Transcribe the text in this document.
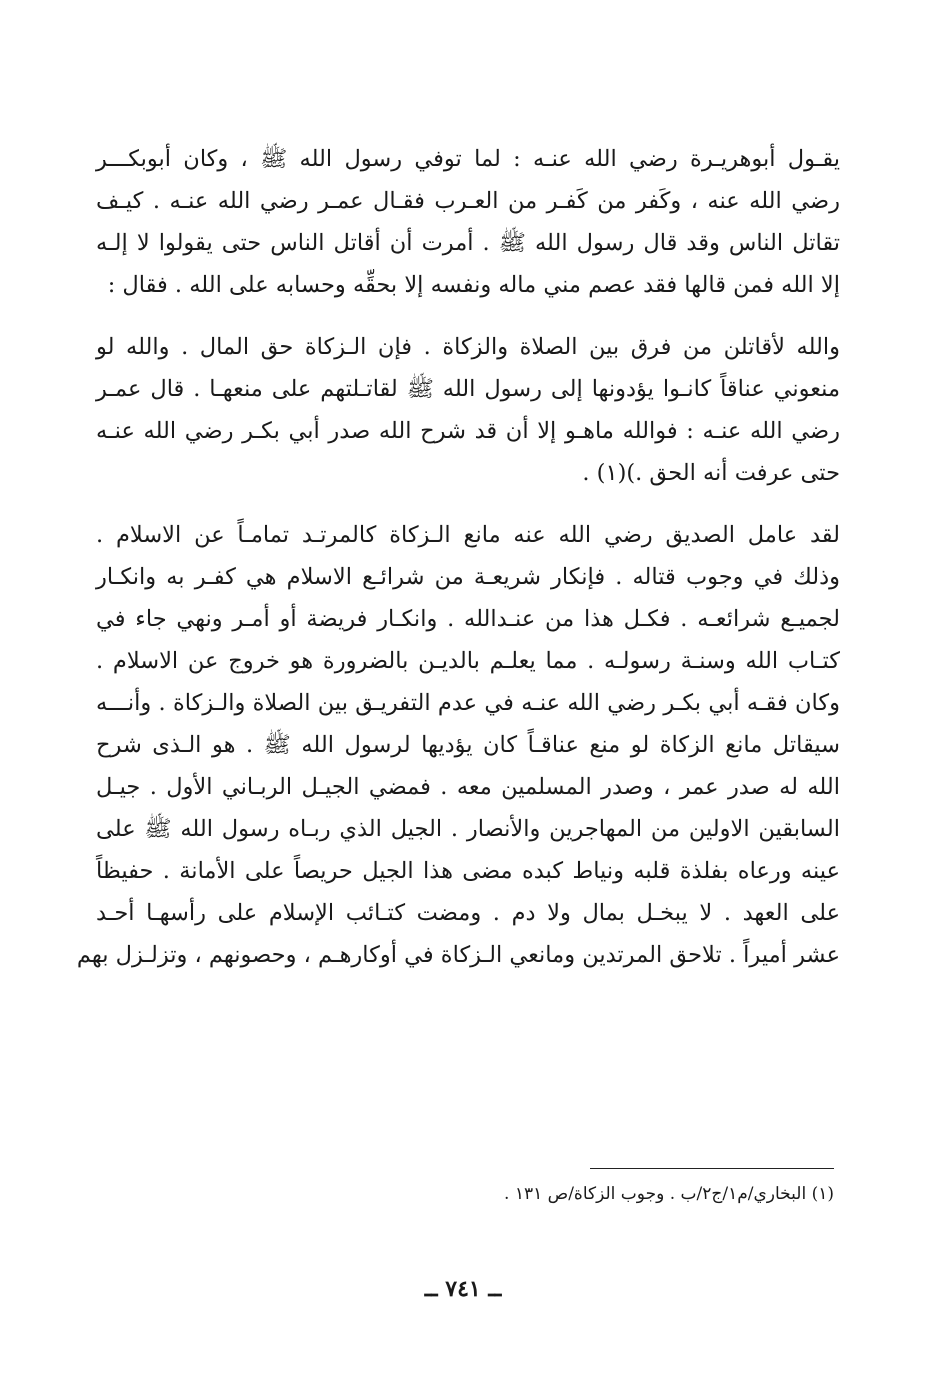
يقـول أبوهريـرة رضي الله عنـه : لما توفي رسول الله ﷺ ، وكان أبوبكـــر
رضي الله عنه ، وكَفر من كَفـر من العـرب فقـال عمـر رضي الله عنـه . كيـف
تقاتل الناس وقد قال رسول الله ﷺ . أمرت أن أقاتل الناس حتى يقولوا لا إلـه
إلا الله فمن قالها فقد عصم مني ماله ونفسه إلا بحقِّه وحسابه على الله . فقال :

والله لأقاتلن من فرق بين الصلاة والزكاة . فإن الـزكاة حق المال . والله لو
منعوني عناقاً كانـوا يؤدونها إلى رسول الله ﷺ لقاتـلتهم على منعهـا . قال عمـر
رضي الله عنـه : فوالله ماهـو إلا أن قد شرح الله صدر أبي بكـر رضي الله عنـه
حتى عرفت أنه الحق .)(١) .

لقد عامل الصديق رضي الله عنه مانع الـزكاة كالمرتـد تمامـاً عن الاسلام .
وذلك في وجوب قتاله . فإنكار شريعـة من شرائـع الاسلام هي كفـر به وانكـار
لجميـع شرائعـه . فكـل هذا من عنـدالله . وانكـار فريضة أو أمـر ونهي جاء في
كتـاب الله وسنـة رسولـه . مما يعلـم بالديـن بالضرورة هو خروج عن الاسلام .
وكان فقـه أبي بكـر رضي الله عنـه في عدم التفريـق بين الصلاة والـزكاة . وأنـــه
سيقاتل مانع الزكاة لو منع عناقـاً كان يؤديها لرسول الله ﷺ . هو الـذى شرح
الله له صدر عمر ، وصدر المسلمين معه . فمضي الجيـل الربـاني الأول . جيـل
السابقين الاولين من المهاجرين والأنصار . الجيل الذي ربـاه رسول الله ﷺ على
عينه ورعاه بفلذة قلبه ونياط كبده مضى هذا الجيل حريصاً على الأمانة . حفيظاً
على العهد . لا يبخـل بمال ولا دم . ومضت كتـائب الإسلام على رأسهـا أحـد
عشر أميراً . تلاحق المرتدين ومانعي الـزكاة في أوكارهـم ، وحصونهم ، وتزلـزل بهم

(١) البخاري/م١/ج٢/ب . وجوب الزكاة/ص ١٣١ .
ــ ٧٤١ ــ
